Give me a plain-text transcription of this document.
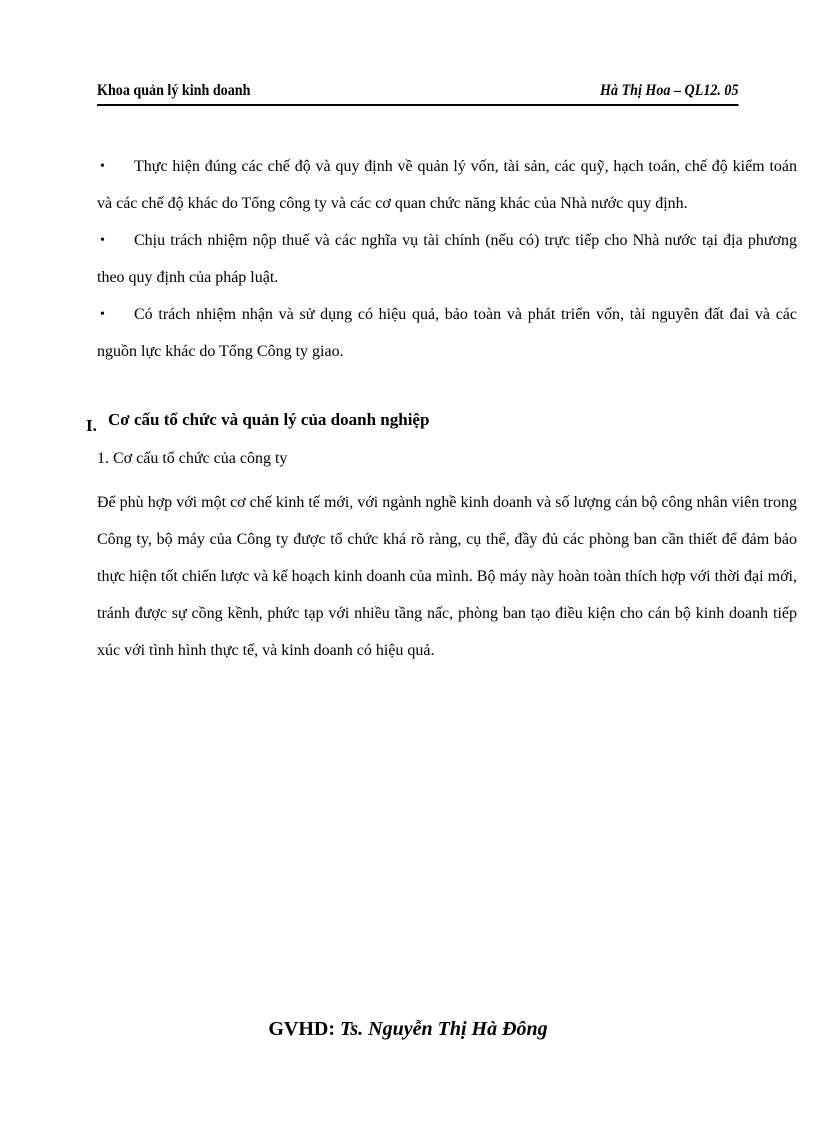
Khoa quản lý kinh doanh	Hà Thị Hoa – QL12. 05

•	Thực hiện đúng các chế độ và quy định về quản lý vốn, tài sản, các quỹ, hạch toán, chế độ kiểm toán và các chế độ khác do Tổng công ty và các cơ quan chức năng khác của Nhà nước quy định.

•	Chịu trách nhiệm nộp thuế và các nghĩa vụ tài chính (nếu có) trực tiếp cho Nhà nước tại địa phương theo quy định của pháp luật.

•	Có trách nhiệm nhận và sử dụng có hiệu quả, bảo toàn và phát triển vốn, tài nguyên đất đai và các nguồn lực khác do Tổng Công ty giao.

I. Cơ cấu tổ chức và quản lý của doanh nghiệp
1. Cơ cấu tổ chức của công ty
Để phù hợp với một cơ chế kinh tế mới, với ngành nghề kinh doanh và số lượng cán bộ công nhân viên trong Công ty, bộ máy của Công ty được tổ chức khá rõ ràng, cụ thể, đầy đủ các phòng ban cần thiết để đảm bảo thực hiện tốt chiến lược và kế hoạch kinh doanh của mình. Bộ máy này hoàn toàn thích hợp với thời đại mới, tránh được sự cồng kềnh, phức tạp với nhiều tầng nấc, phòng ban tạo điều kiện cho cán bộ kinh doanh tiếp xúc với tình hình thực tế, và kinh doanh có hiệu quả.
GVHD: Ts. Nguyễn Thị Hà Đông
